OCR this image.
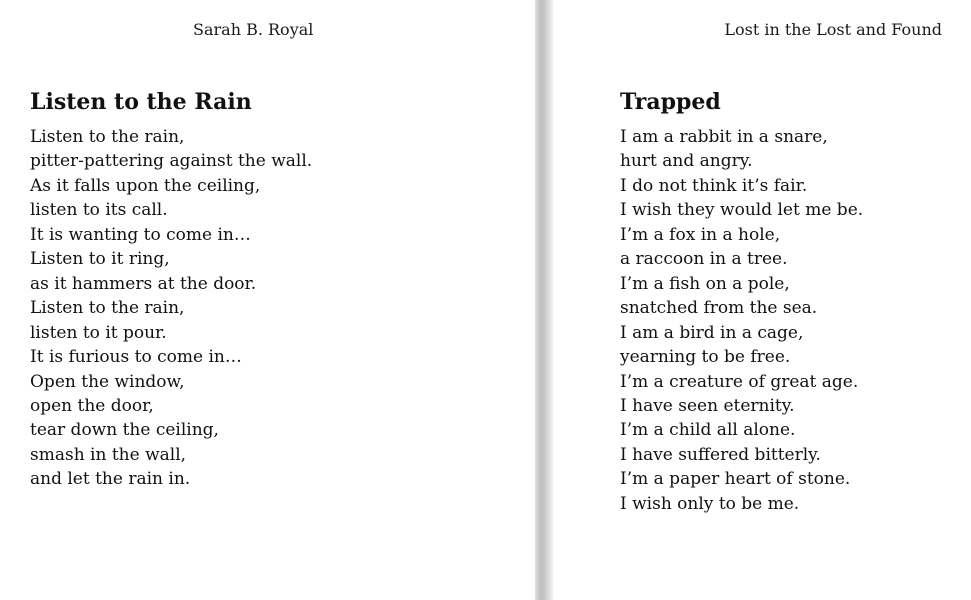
Sarah B. Royal
Listen to the Rain
Listen to the rain,
pitter-pattering against the wall.
As it falls upon the ceiling,
listen to its call.
It is wanting to come in…
Listen to it ring,
as it hammers at the door.
Listen to the rain,
listen to it pour.
It is furious to come in…
Open the window,
open the door,
tear down the ceiling,
smash in the wall,
and let the rain in.
Lost in the Lost and Found
Trapped
I am a rabbit in a snare,
hurt and angry.
I do not think it’s fair.
I wish they would let me be.
I’m a fox in a hole,
a raccoon in a tree.
I’m a fish on a pole,
snatched from the sea.
I am a bird in a cage,
yearning to be free.
I’m a creature of great age.
I have seen eternity.
I’m a child all alone.
I have suffered bitterly.
I’m a paper heart of stone.
I wish only to be me.
